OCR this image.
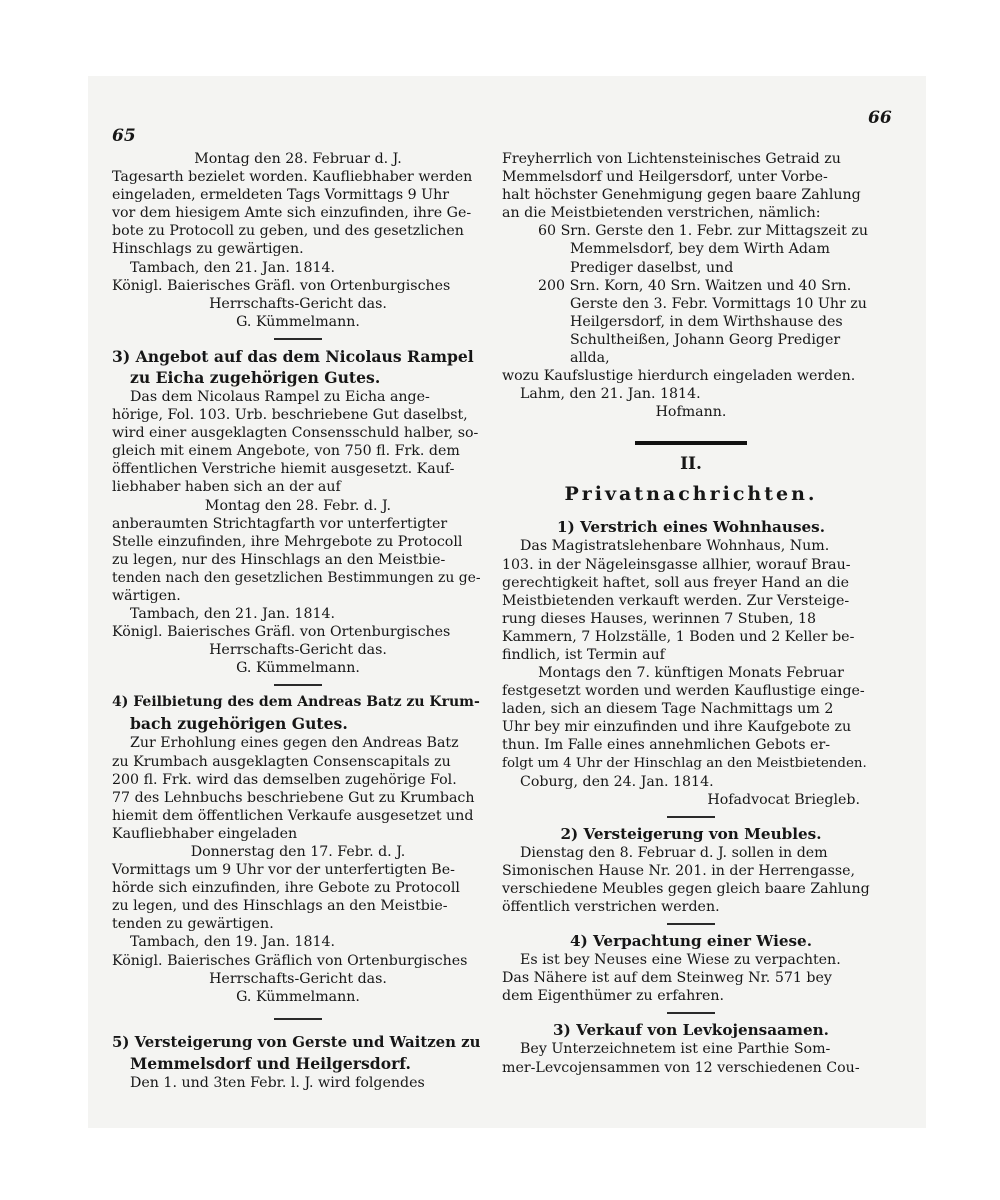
65
66

Montag den 28. Februar d. J.

Tagesarth bezielet worden. Kaufliebhaber werden

eingeladen, ermeldeten Tags Vormittags 9 Uhr

vor dem hiesigem Amte sich einzufinden, ihre Ge-

bote zu Protocoll zu geben, und des gesetzlichen

Hinschlags zu gewärtigen.

Tambach, den 21. Jan. 1814.

Königl. Baierisches Gräfl. von Ortenburgisches

Herrschafts-Gericht das.

G. Kümmelmann.

3) Angebot auf das dem Nicolaus Rampel

zu Eicha zugehörigen Gutes.

Das dem Nicolaus Rampel zu Eicha ange-

hörige, Fol. 103. Urb. beschriebene Gut daselbst,

wird einer ausgeklagten Consensschuld halber, so-

gleich mit einem Angebote, von 750 fl. Frk. dem

öffentlichen Verstriche hiemit ausgesetzt. Kauf-

liebhaber haben sich an der auf

Montag den 28. Febr. d. J.

anberaumten Strichtagfarth vor unterfertigter

Stelle einzufinden, ihre Mehrgebote zu Protocoll

zu legen, nur des Hinschlags an den Meistbie-

tenden nach den gesetzlichen Bestimmungen zu ge-

wärtigen.

Tambach, den 21. Jan. 1814.

Königl. Baierisches Gräfl. von Ortenburgisches

Herrschafts-Gericht das.

G. Kümmelmann.

4) Feilbietung des dem Andreas Batz zu Krum-

bach zugehörigen Gutes.

Zur Erhohlung eines gegen den Andreas Batz

zu Krumbach ausgeklagten Consenscapitals zu

200 fl. Frk. wird das demselben zugehörige Fol.

77 des Lehnbuchs beschriebene Gut zu Krumbach

hiemit dem öffentlichen Verkaufe ausgesetzet und

Kaufliebhaber eingeladen

Donnerstag den 17. Febr. d. J.

Vormittags um 9 Uhr vor der unterfertigten Be-

hörde sich einzufinden, ihre Gebote zu Protocoll

zu legen, und des Hinschlags an den Meistbie-

tenden zu gewärtigen.

Tambach, den 19. Jan. 1814.

Königl. Baierisches Gräflich von Ortenburgisches

Herrschafts-Gericht das.

G. Kümmelmann.

5) Versteigerung von Gerste und Waitzen zu

Memmelsdorf und Heilgersdorf.

Den 1. und 3ten Febr. l. J. wird folgendes

Freyherrlich von Lichtensteinisches Getraid zu

Memmelsdorf und Heilgersdorf, unter Vorbe-

halt höchster Genehmigung gegen baare Zahlung

an die Meistbietenden verstrichen, nämlich:

60 Srn. Gerste den 1. Febr. zur Mittagszeit zu Memmelsdorf, bey dem Wirth Adam Prediger daselbst, und

200 Srn. Korn, 40 Srn. Waitzen und 40 Srn. Gerste den 3. Febr. Vormittags 10 Uhr zu Heilgersdorf, in dem Wirthshause des Schultheißen, Johann Georg Prediger allda,

wozu Kaufslustige hierdurch eingeladen werden.

Lahm, den 21. Jan. 1814.

Hofmann.

II.

Privatnachrichten.

1) Verstrich eines Wohnhauses.

Das Magistratslehenbare Wohnhaus, Num.

103. in der Nägeleinsgasse allhier, worauf Brau-

gerechtigkeit haftet, soll aus freyer Hand an die

Meistbietenden verkauft werden. Zur Versteige-

rung dieses Hauses, werinnen 7 Stuben, 18

Kammern, 7 Holzställe, 1 Boden und 2 Keller be-

findlich, ist Termin auf

Montags den 7. künftigen Monats Februar

festgesetzt worden und werden Kauflustige einge-

laden, sich an diesem Tage Nachmittags um 2

Uhr bey mir einzufinden und ihre Kaufgebote zu

thun. Im Falle eines annehmlichen Gebots er-

folgt um 4 Uhr der Hinschlag an den Meistbietenden.

Coburg, den 24. Jan. 1814.

Hofadvocat Briegleb.

2) Versteigerung von Meubles.

Dienstag den 8. Februar d. J. sollen in dem

Simonischen Hause Nr. 201. in der Herrengasse,

verschiedene Meubles gegen gleich baare Zahlung

öffentlich verstrichen werden.

4) Verpachtung einer Wiese.

Es ist bey Neuses eine Wiese zu verpachten.

Das Nähere ist auf dem Steinweg Nr. 571 bey

dem Eigenthümer zu erfahren.

3) Verkauf von Levkojensaamen.

Bey Unterzeichnetem ist eine Parthie Som-

mer-Levcojensammen von 12 verschiedenen Cou-
